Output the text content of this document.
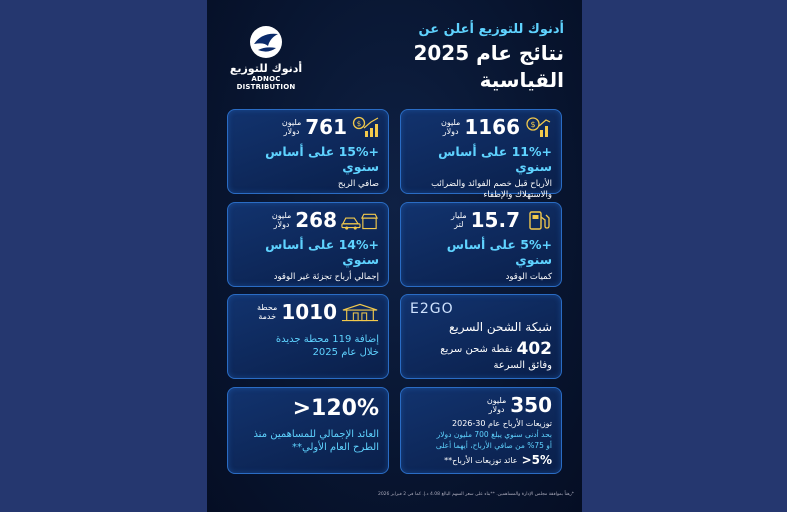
أدنوك للتوزيع
ADNOC DISTRIBUTION
أدنوك للتوزيع أعلن عن
نتائج عام 2025
القياسية
$
1166
مليون
دولار
+11% على أساس سنوي
الأرباح قبل خصم الفوائد والضرائب
والاستهلاك والإطفاء
$
761
مليون
دولار
+15% على أساس سنوي
صافي الربح
15.7
مليار
لتر
+5% على أساس سنوي
كميات الوقود
268
مليون
دولار
+14% على أساس سنوي
إجمالي أرباح تجزئة غير الوقود
E2GO
شبكة الشحن السريع
402
نقطة شحن سريع
وفائق السرعة
1010
محطة
خدمة
إضافة 119 محطة جديدة
خلال عام 2025
350
مليون
دولار
توزيعات الأرباح عام 30-2026
بحد أدنى سنوي يبلغ 700 مليون دولار
أو 75% من صافي الأرباح، أيهما أعلى
>5%
عائد توزيعات الأرباح**
>120%
العائد الإجمالي للمساهمين منذ
الطرح العام الأولي**
*رهناً بموافقة مجلس الإدارة والمساهمين. **بناء على سعر السهم البالغ 4.08 د.إ. كما في 2 فبراير 2026
